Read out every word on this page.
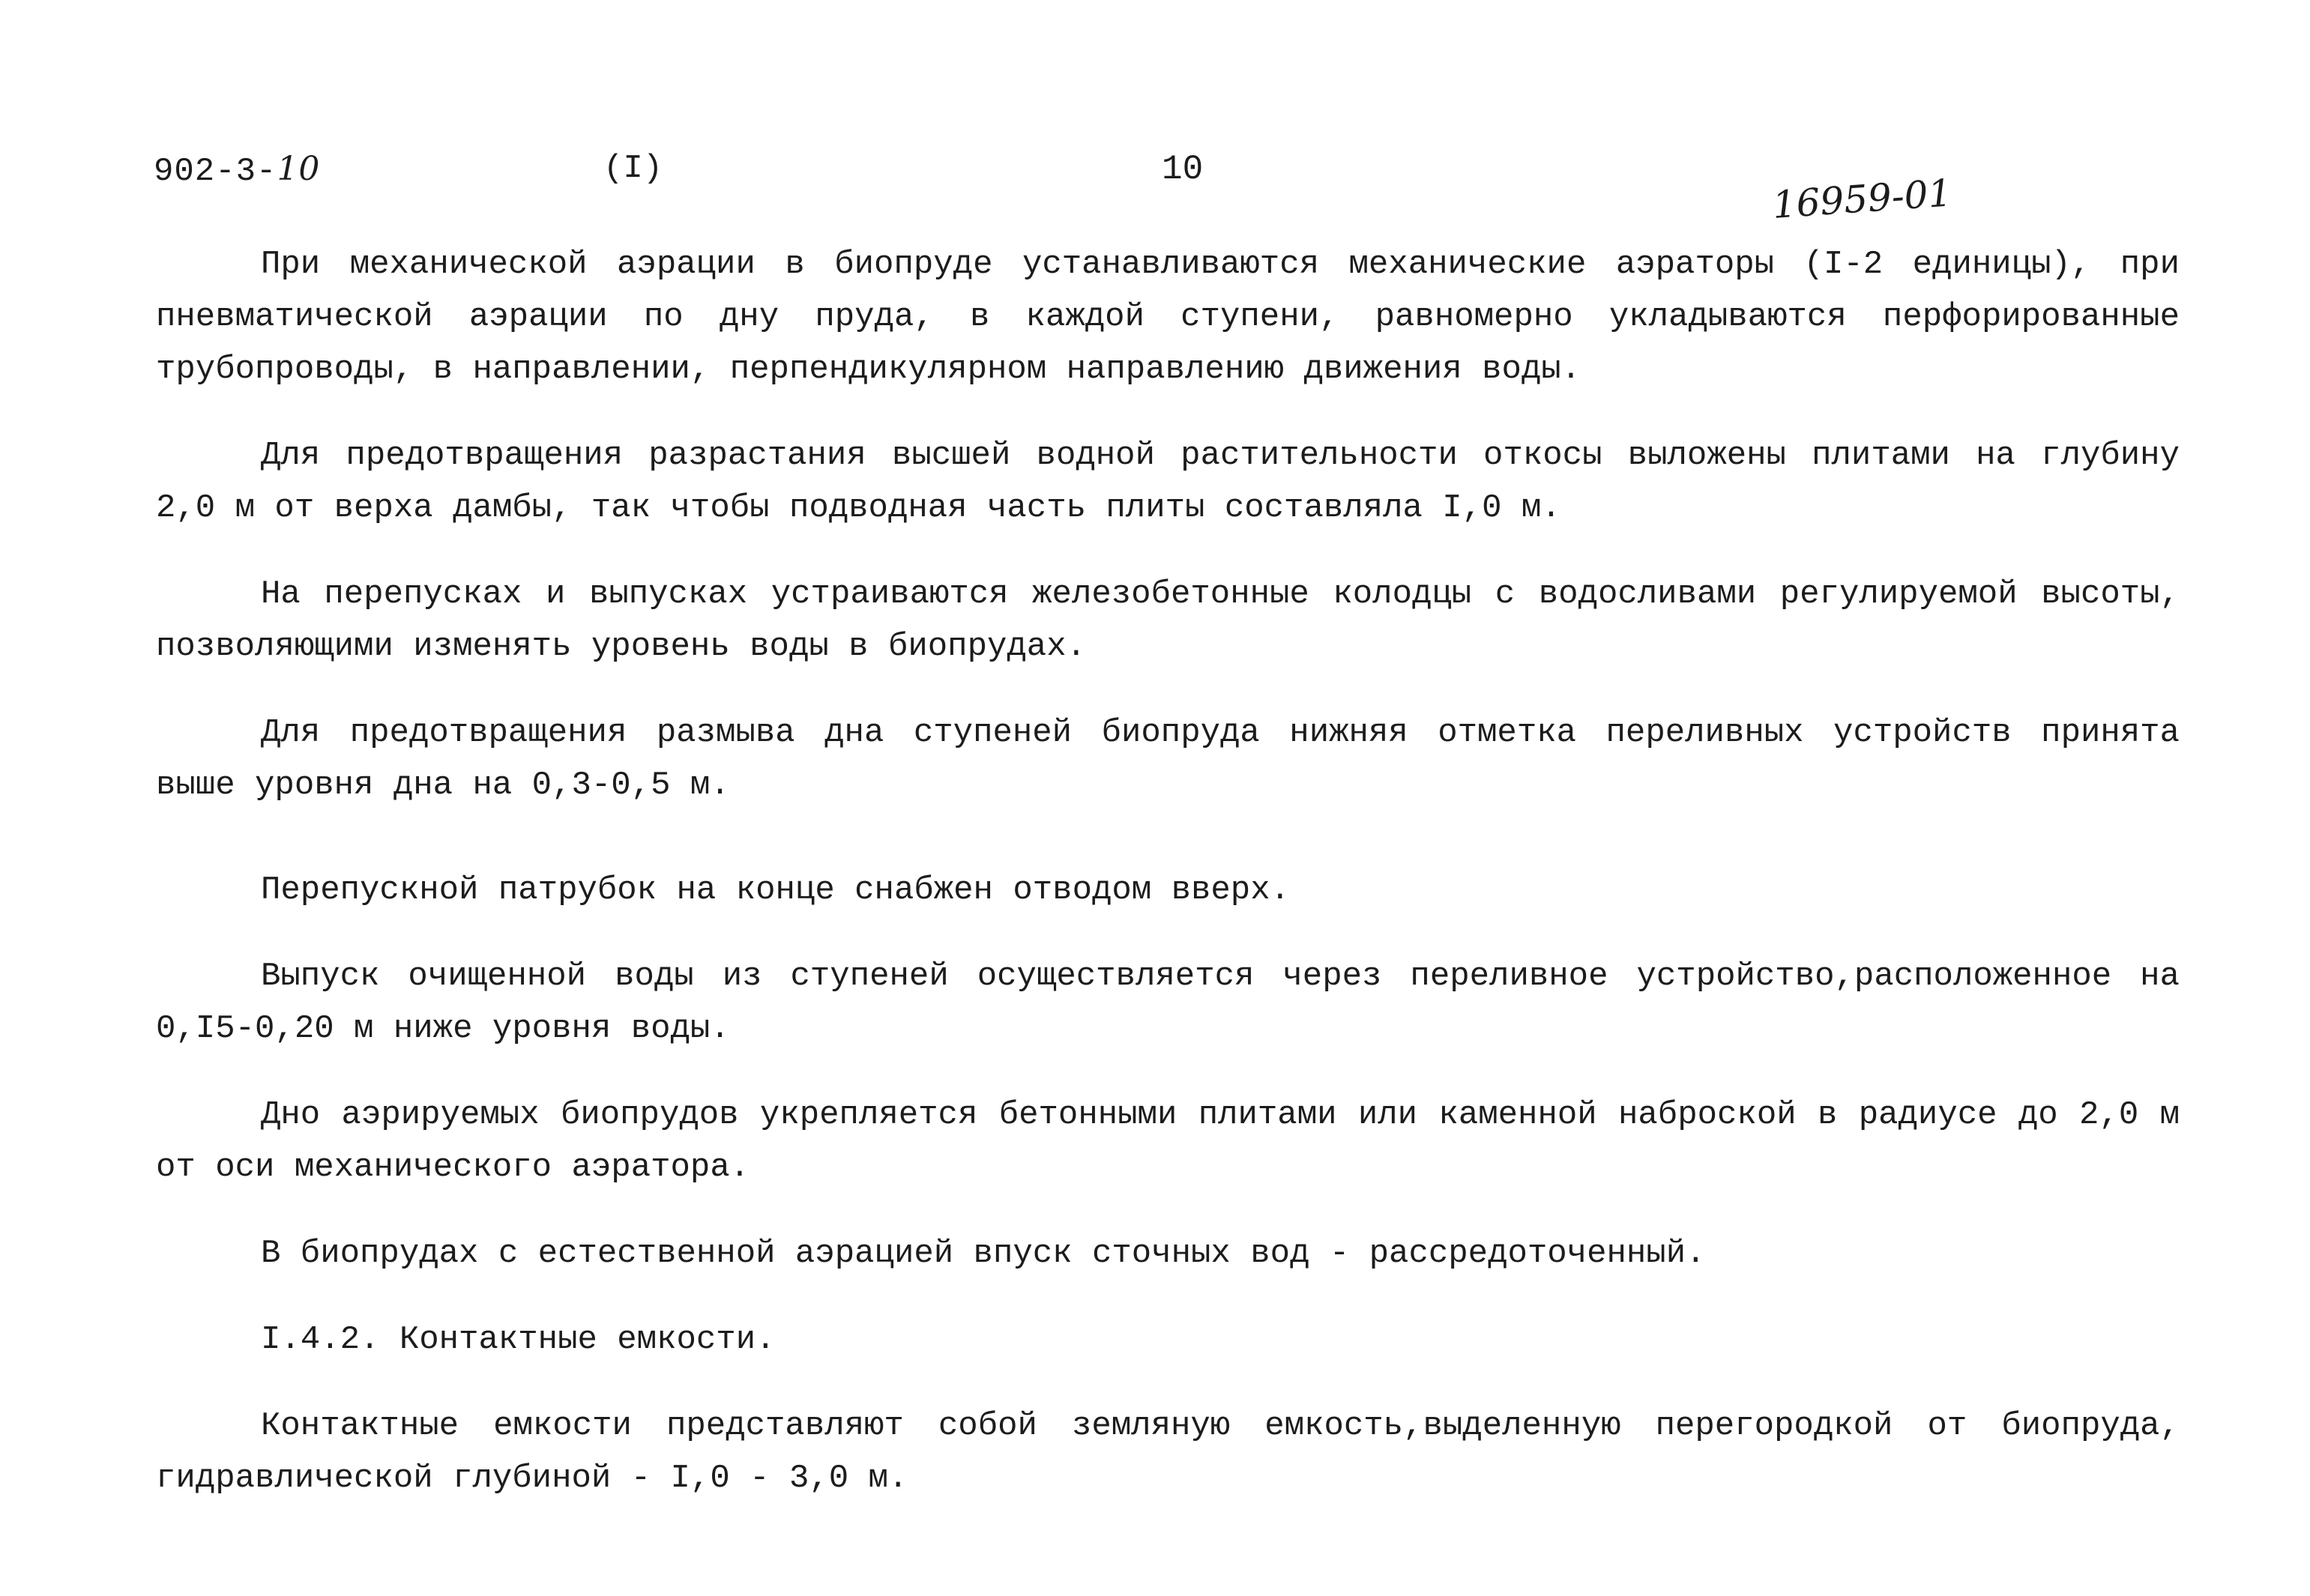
902-3-10	(I)	10
16959-01

При механической аэрации в биопруде устанавливаются механические аэраторы (I-2 единицы), при пневматической аэрации по дну пруда, в каждой ступени, равномерно укладываются перфорированные трубопроводы, в направлении, перпендикулярном направлению движения воды.

Для предотвращения разрастания высшей водной растительности откосы выложены плитами на глубину 2,0 м от верха дамбы, так чтобы подводная часть плиты составляла I,0 м.

На перепусках и выпусках устраиваются железобетонные колодцы с водосливами регулируемой высоты, позволяющими изменять уровень воды в биопрудах.

Для предотвращения размыва дна ступеней биопруда нижняя отметка переливных устройств принята выше уровня дна на 0,3-0,5 м.

Перепускной патрубок на конце снабжен отводом вверх.

Выпуск очищенной воды из ступеней осуществляется через переливное устройство,расположенное на 0,I5-0,20 м ниже уровня воды.

Дно аэрируемых биопрудов укрепляется бетонными плитами или каменной наброской в радиусе до 2,0 м от оси механического аэратора.

В биопрудах с естественной аэрацией впуск сточных вод - рассредоточенный.

I.4.2. Контактные емкости.

Контактные емкости представляют собой земляную емкость,выделенную перегородкой от биопруда, гидравлической глубиной - I,0 - 3,0 м.
